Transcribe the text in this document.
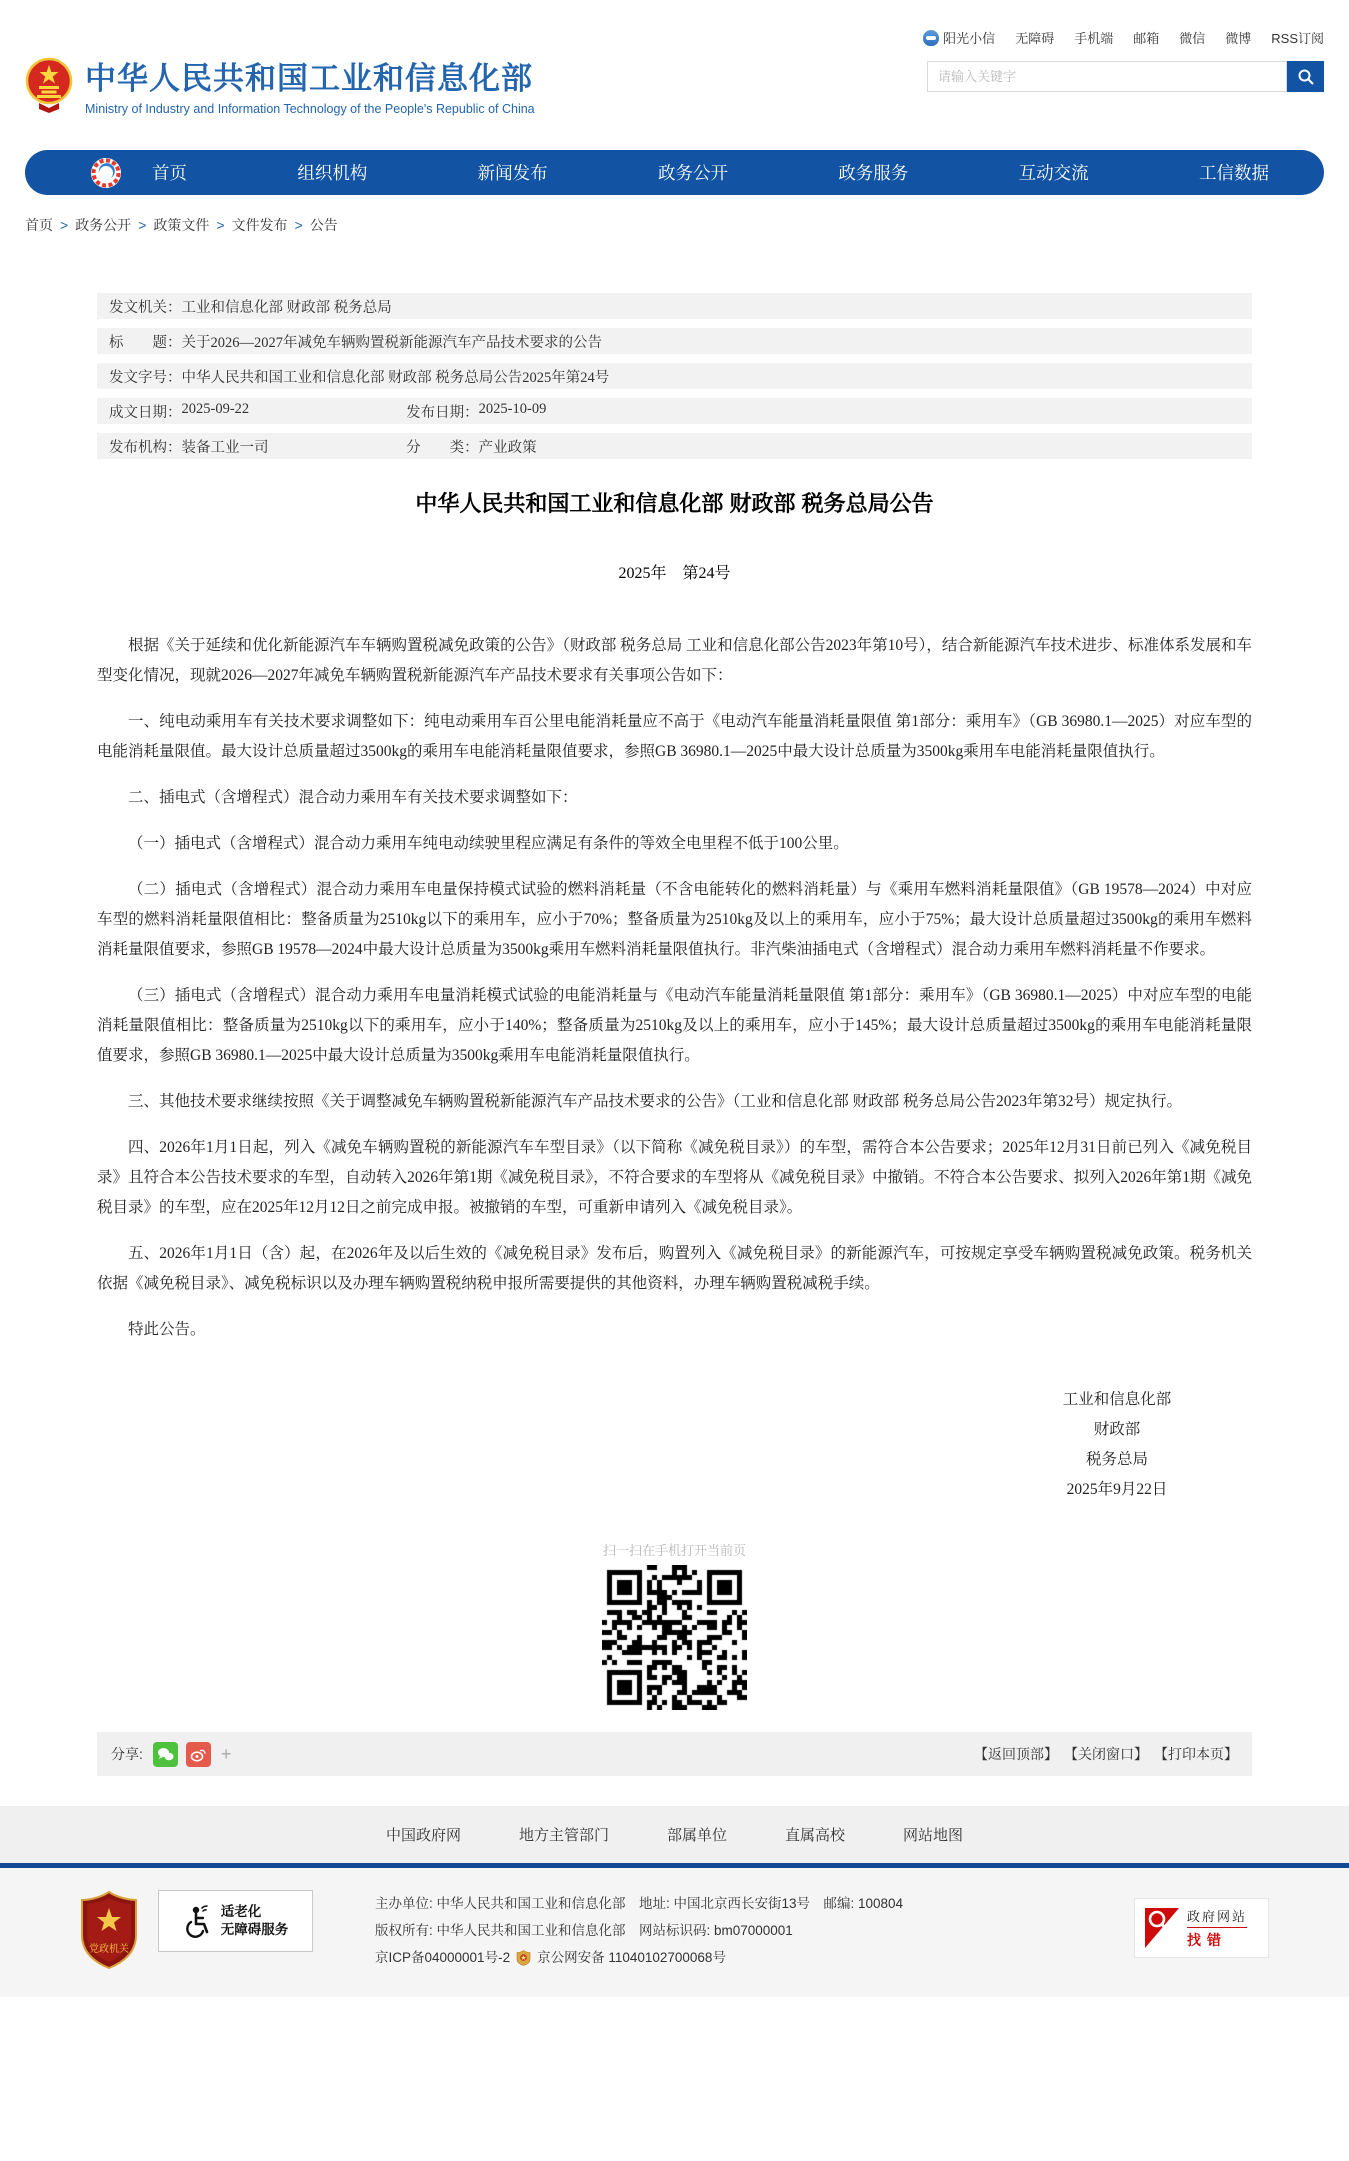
中华人民共和国工业和信息化部
Ministry of Industry and Information Technology of the People's Republic of China
阳光小信 无障碍 手机端 邮箱 微信 微博 RSS订阅
请输入关键字
首页	组织机构	新闻发布	政务公开	政务服务	互动交流	工信数据
首页 > 政务公开 > 政策文件 > 文件发布 > 公告
发文机关： 工业和信息化部 财政部 税务总局
标　　题： 关于2026—2027年减免车辆购置税新能源汽车产品技术要求的公告
发文字号： 中华人民共和国工业和信息化部 财政部 税务总局公告2025年第24号
成文日期： 2025-09-22	发布日期： 2025-10-09
发布机构： 装备工业一司	分　　类： 产业政策
中华人民共和国工业和信息化部 财政部 税务总局公告
2025年　第24号

根据《关于延续和优化新能源汽车车辆购置税减免政策的公告》（财政部 税务总局 工业和信息化部公告2023年第10号），结合新能源汽车技术进步、标准体系发展和车型变化情况，现就2026—2027年减免车辆购置税新能源汽车产品技术要求有关事项公告如下：

一、纯电动乘用车有关技术要求调整如下：纯电动乘用车百公里电能消耗量应不高于《电动汽车能量消耗量限值 第1部分：乘用车》（GB 36980.1—2025）对应车型的电能消耗量限值。最大设计总质量超过3500kg的乘用车电能消耗量限值要求，参照GB 36980.1—2025中最大设计总质量为3500kg乘用车电能消耗量限值执行。

二、插电式（含增程式）混合动力乘用车有关技术要求调整如下：

（一）插电式（含增程式）混合动力乘用车纯电动续驶里程应满足有条件的等效全电里程不低于100公里。

（二）插电式（含增程式）混合动力乘用车电量保持模式试验的燃料消耗量（不含电能转化的燃料消耗量）与《乘用车燃料消耗量限值》（GB 19578—2024）中对应车型的燃料消耗量限值相比：整备质量为2510kg以下的乘用车，应小于70%；整备质量为2510kg及以上的乘用车，应小于75%；最大设计总质量超过3500kg的乘用车燃料消耗量限值要求，参照GB 19578—2024中最大设计总质量为3500kg乘用车燃料消耗量限值执行。非汽柴油插电式（含增程式）混合动力乘用车燃料消耗量不作要求。

（三）插电式（含增程式）混合动力乘用车电量消耗模式试验的电能消耗量与《电动汽车能量消耗量限值 第1部分：乘用车》（GB 36980.1—2025）中对应车型的电能消耗量限值相比：整备质量为2510kg以下的乘用车，应小于140%；整备质量为2510kg及以上的乘用车，应小于145%；最大设计总质量超过3500kg的乘用车电能消耗量限值要求，参照GB 36980.1—2025中最大设计总质量为3500kg乘用车电能消耗量限值执行。

三、其他技术要求继续按照《关于调整减免车辆购置税新能源汽车产品技术要求的公告》（工业和信息化部 财政部 税务总局公告2023年第32号）规定执行。

四、2026年1月1日起，列入《减免车辆购置税的新能源汽车车型目录》（以下简称《减免税目录》）的车型，需符合本公告要求；2025年12月31日前已列入《减免税目录》且符合本公告技术要求的车型，自动转入2026年第1期《减免税目录》，不符合要求的车型将从《减免税目录》中撤销。不符合本公告要求、拟列入2026年第1期《减免税目录》的车型，应在2025年12月12日之前完成申报。被撤销的车型，可重新申请列入《减免税目录》。

五、2026年1月1日（含）起，在2026年及以后生效的《减免税目录》发布后，购置列入《减免税目录》的新能源汽车，可按规定享受车辆购置税减免政策。税务机关依据《减免税目录》、减免税标识以及办理车辆购置税纳税申报所需要提供的其他资料，办理车辆购置税减税手续。

特此公告。

工业和信息化部
财政部
税务总局
2025年9月22日
扫一扫在手机打开当前页
分享:	+	【返回顶部】 【关闭窗口】 【打印本页】
中国政府网	地方主管部门	部属单位	直属高校	网站地图
党政机关
适老化
无障碍服务
主办单位: 中华人民共和国工业和信息化部　地址: 中国北京西长安街13号　邮编: 100804
版权所有: 中华人民共和国工业和信息化部　网站标识码: bm07000001
京ICP备04000001号-2 京公网安备 11040102700068号
政府网站
找错
